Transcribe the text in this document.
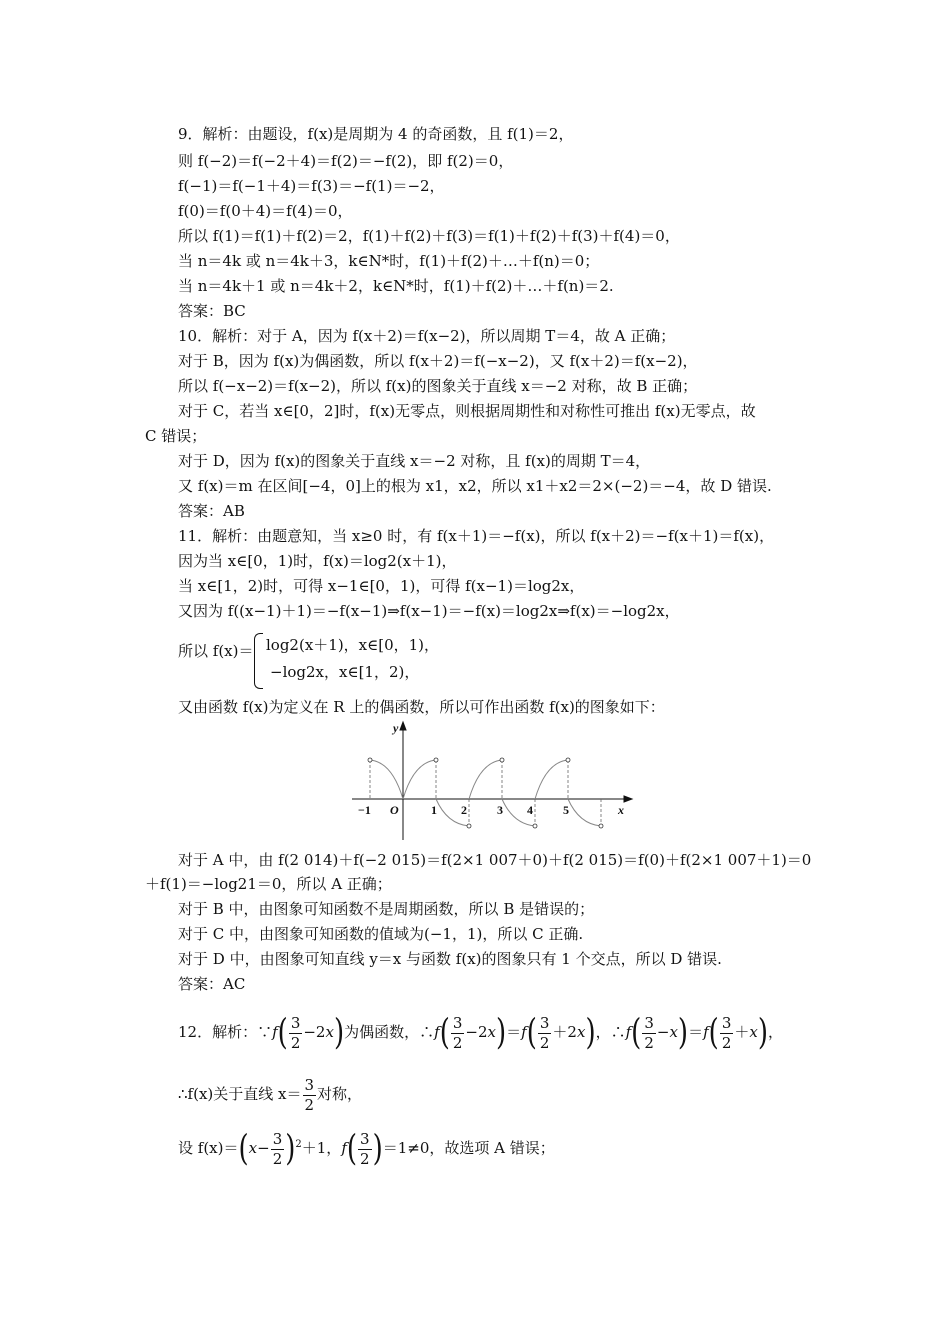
9．解析：由题设，f(x)是周期为 4 的奇函数，且 f(1)＝2，
则 f(−2)＝f(−2＋4)＝f(2)＝−f(2)，即 f(2)＝0，
f(−1)＝f(−1＋4)＝f(3)＝−f(1)＝−2，
f(0)＝f(0＋4)＝f(4)＝0，
所以 f(1)＝f(1)＋f(2)＝2，f(1)＋f(2)＋f(3)＝f(1)＋f(2)＋f(3)＋f(4)＝0，
当 n＝4k 或 n＝4k＋3，k∈N*时，f(1)＋f(2)＋…＋f(n)＝0；
当 n＝4k＋1 或 n＝4k＋2，k∈N*时，f(1)＋f(2)＋…＋f(n)＝2.
答案：BC
10．解析：对于 A，因为 f(x＋2)＝f(x−2)，所以周期 T＝4，故 A 正确；
对于 B，因为 f(x)为偶函数，所以 f(x＋2)＝f(−x−2)，又 f(x＋2)＝f(x−2)，
所以 f(−x−2)＝f(x−2)，所以 f(x)的图象关于直线 x＝−2 对称，故 B 正确；
对于 C，若当 x∈[0，2]时，f(x)无零点，则根据周期性和对称性可推出 f(x)无零点，故
C 错误；
对于 D，因为 f(x)的图象关于直线 x＝−2 对称，且 f(x)的周期 T＝4，
又 f(x)＝m 在区间[−4，0]上的根为 x1，x2，所以 x1＋x2＝2×(−2)＝−4，故 D 错误.
答案：AB
11．解析：由题意知，当 x≥0 时，有 f(x＋1)＝−f(x)，所以 f(x＋2)＝−f(x＋1)＝f(x)，
因为当 x∈[0，1)时，f(x)＝log2(x＋1)，
当 x∈[1，2)时，可得 x−1∈[0，1)，可得 f(x−1)＝log2x，
又因为 f((x−1)＋1)＝−f(x−1)⇒f(x−1)＝−f(x)＝log2x⇒f(x)＝−log2x，
所以 f(x)＝ log2(x＋1)，x∈[0，1)，
−log2x，x∈[1，2)，
又由函数 f(x)为定义在 R 上的偶函数，所以可作出函数 f(x)的图象如下：
y
x
O
−1	1 2	3 4	5
对于 A 中，由 f(2 014)＋f(−2 015)＝f(2×1 007＋0)＋f(2 015)＝f(0)＋f(2×1 007＋1)＝0
＋f(1)＝−log21＝0，所以 A 正确；
对于 B 中，由图象可知函数不是周期函数，所以 B 是错误的；
对于 C 中，由图象可知函数的值域为(−1，1)，所以 C 正确.
对于 D 中，由图象可知直线 y＝x 与函数 f(x)的图象只有 1 个交点，所以 D 错误.
答案：AC
12．解析：∵f( $\frac{3}{2} -2x$)为偶函数，∴f( $\frac{3}{2} -2x)=f( \frac{3}{2} +2x)$，∴f( $\frac{3}{2} -x)=f( \frac{3}{2} +x)$，
∴f(x)关于直线 $x= \frac{3}{2}$ 对称，
设 $f(x)=(x- \frac{3}{2} )^2+1$，$f( \frac{3}{2} )=1\ne 0$，故选项 A 错误；
